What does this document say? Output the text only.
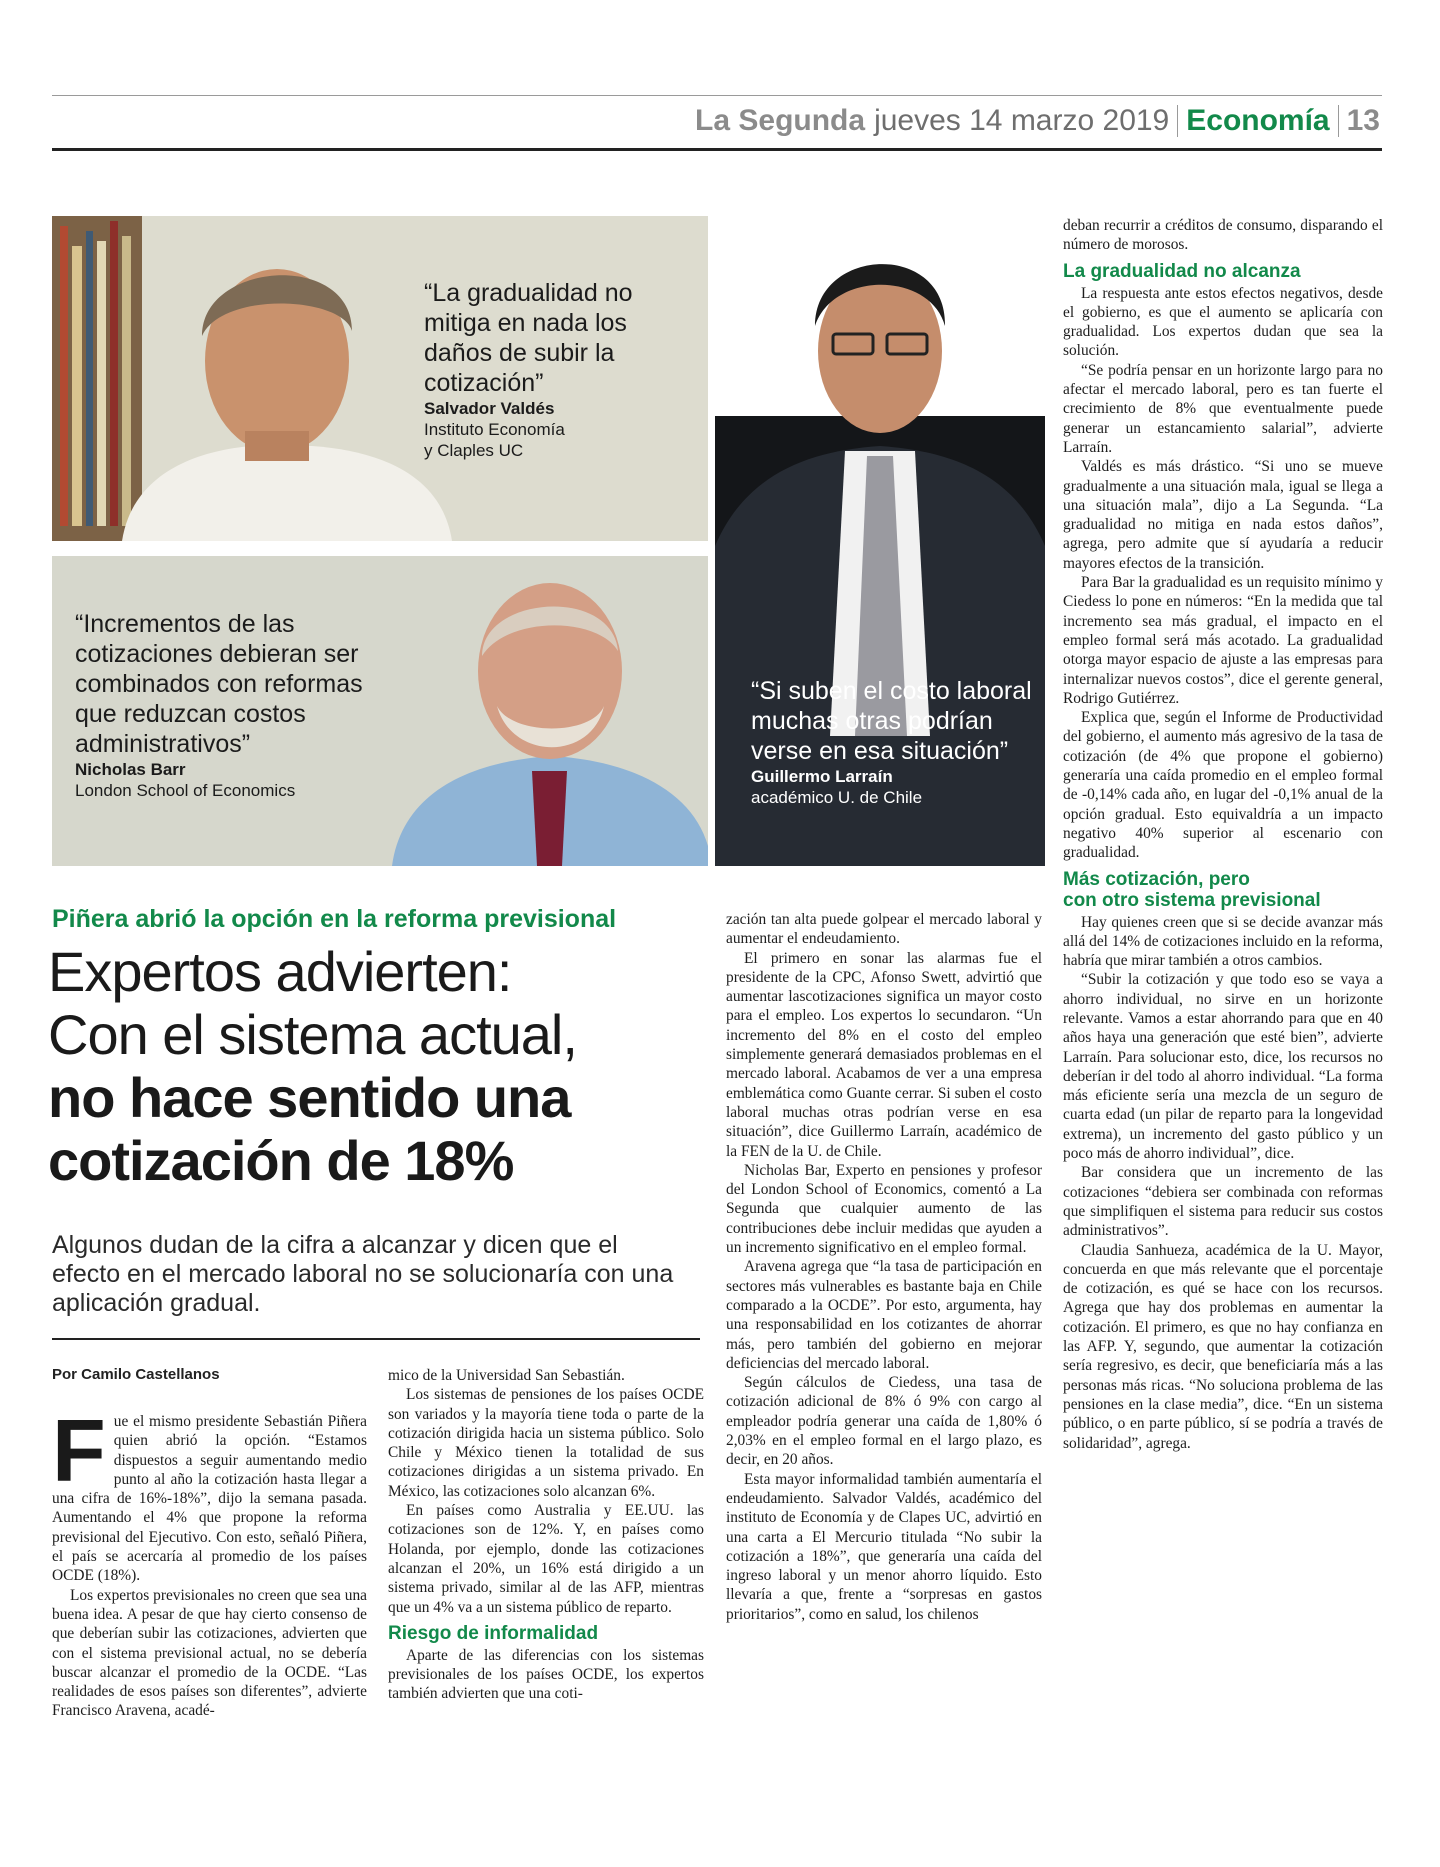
La Segunda jueves 14 marzo 2019 Economía 13
“La gradualidad no mitiga en nada los daños de subir la cotización”
Salvador Valdés
Instituto Economía
y Claples UC
“Incrementos de las cotizaciones debieran ser combinados con reformas que reduzcan costos administrativos”
Nicholas Barr
London School of Economics
“Si suben el costo laboral muchas otras podrían verse en esa situación”
Guillermo Larraín
académico U. de Chile
Piñera abrió la opción en la reforma previsional
Expertos advierten:
Con el sistema actual,
no hace sentido una
cotización de 18%
Algunos dudan de la cifra a alcanzar y dicen que el efecto en el mercado laboral no se solucionaría con una aplicación gradual.
Por Camilo Castellanos

Fue el mismo presidente Sebastián Piñera quien abrió la opción. “Estamos dispuestos a seguir aumentando medio punto al año la cotización hasta llegar a una cifra de 16%-18%”, dijo la semana pasada. Aumentando el 4% que propone la reforma previsional del Ejecutivo. Con esto, señaló Piñera, el país se acercaría al promedio de los países OCDE (18%).

Los expertos previsionales no creen que sea una buena idea. A pesar de que hay cierto consenso de que deberían subir las cotizaciones, advierten que con el sistema previsional actual, no se debería buscar alcanzar el promedio de la OCDE. “Las realidades de esos países son diferentes”, advierte Francisco Aravena, acadé-

mico de la Universidad San Sebastián.

Los sistemas de pensiones de los países OCDE son variados y la mayoría tiene toda o parte de la cotización dirigida hacia un sistema público. Solo Chile y México tienen la totalidad de sus cotizaciones dirigidas a un sistema privado. En México, las cotizaciones solo alcanzan 6%.

En países como Australia y EE.UU. las cotizaciones son de 12%. Y, en países como Holanda, por ejemplo, donde las cotizaciones alcanzan el 20%, un 16% está dirigido a un sistema privado, similar al de las AFP, mientras que un 4% va a un sistema público de reparto.

Riesgo de informalidad

Aparte de las diferencias con los sistemas previsionales de los países OCDE, los expertos también advierten que una coti-

zación tan alta puede golpear el mercado laboral y aumentar el endeudamiento.

El primero en sonar las alarmas fue el presidente de la CPC, Afonso Swett, advirtió que aumentar lascotizaciones significa un mayor costo para el empleo. Los expertos lo secundaron. “Un incremento del 8% en el costo del empleo simplemente generará demasiados problemas en el mercado laboral. Acabamos de ver a una empresa emblemática como Guante cerrar. Si suben el costo laboral muchas otras podrían verse en esa situación”, dice Guillermo Larraín, académico de la FEN de la U. de Chile.

Nicholas Bar, Experto en pensiones y profesor del London School of Economics, comentó a La Segunda que cualquier aumento de las contribuciones debe incluir medidas que ayuden a un incremento significativo en el empleo formal.

Aravena agrega que “la tasa de participación en sectores más vulnerables es bastante baja en Chile comparado a la OCDE”. Por esto, argumenta, hay una responsabilidad en los cotizantes de ahorrar más, pero también del gobierno en mejorar deficiencias del mercado laboral.

Según cálculos de Ciedess, una tasa de cotización adicional de 8% ó 9% con cargo al empleador podría generar una caída de 1,80% ó 2,03% en el empleo formal en el largo plazo, es decir, en 20 años.

Esta mayor informalidad también aumentaría el endeudamiento. Salvador Valdés, académico del instituto de Economía y de Clapes UC, advirtió en una carta a El Mercurio titulada “No subir la cotización a 18%”, que generaría una caída del ingreso laboral y un menor ahorro líquido. Esto llevaría a que, frente a “sorpresas en gastos prioritarios”, como en salud, los chilenos

deban recurrir a créditos de consumo, disparando el número de morosos.

La gradualidad no alcanza

La respuesta ante estos efectos negativos, desde el gobierno, es que el aumento se aplicaría con gradualidad. Los expertos dudan que sea la solución.

“Se podría pensar en un horizonte largo para no afectar el mercado laboral, pero es tan fuerte el crecimiento de 8% que eventualmente puede generar un estancamiento salarial”, advierte Larraín.

Valdés es más drástico. “Si uno se mueve gradualmente a una situación mala, igual se llega a una situación mala”, dijo a La Segunda. “La gradualidad no mitiga en nada estos daños”, agrega, pero admite que sí ayudaría a reducir mayores efectos de la transición.

Para Bar la gradualidad es un requisito mínimo y Ciedess lo pone en números: “En la medida que tal incremento sea más gradual, el impacto en el empleo formal será más acotado. La gradualidad otorga mayor espacio de ajuste a las empresas para internalizar nuevos costos”, dice el gerente general, Rodrigo Gutiérrez.

Explica que, según el Informe de Productividad del gobierno, el aumento más agresivo de la tasa de cotización (de 4% que propone el gobierno) generaría una caída promedio en el empleo formal de -0,14% cada año, en lugar del -0,1% anual de la opción gradual. Esto equivaldría a un impacto negativo 40% superior al escenario con gradualidad.

Más cotización, pero
con otro sistema previsional

Hay quienes creen que si se decide avanzar más allá del 14% de cotizaciones incluido en la reforma, habría que mirar también a otros cambios.

“Subir la cotización y que todo eso se vaya a ahorro individual, no sirve en un horizonte relevante. Vamos a estar ahorrando para que en 40 años haya una generación que esté bien”, advierte Larraín. Para solucionar esto, dice, los recursos no deberían ir del todo al ahorro individual. “La forma más eficiente sería una mezcla de un seguro de cuarta edad (un pilar de reparto para la longevidad extrema), un incremento del gasto público y un poco más de ahorro individual”, dice.

Bar considera que un incremento de las cotizaciones “debiera ser combinada con reformas que simplifiquen el sistema para reducir sus costos administrativos”.

Claudia Sanhueza, académica de la U. Mayor, concuerda en que más relevante que el porcentaje de cotización, es qué se hace con los recursos. Agrega que hay dos problemas en aumentar la cotización. El primero, es que no hay confianza en las AFP. Y, segundo, que aumentar la cotización sería regresivo, es decir, que beneficiaría más a las personas más ricas. “No soluciona problema de las pensiones en la clase media”, dice. “En un sistema público, o en parte público, sí se podría a través de solidaridad”, agrega.
